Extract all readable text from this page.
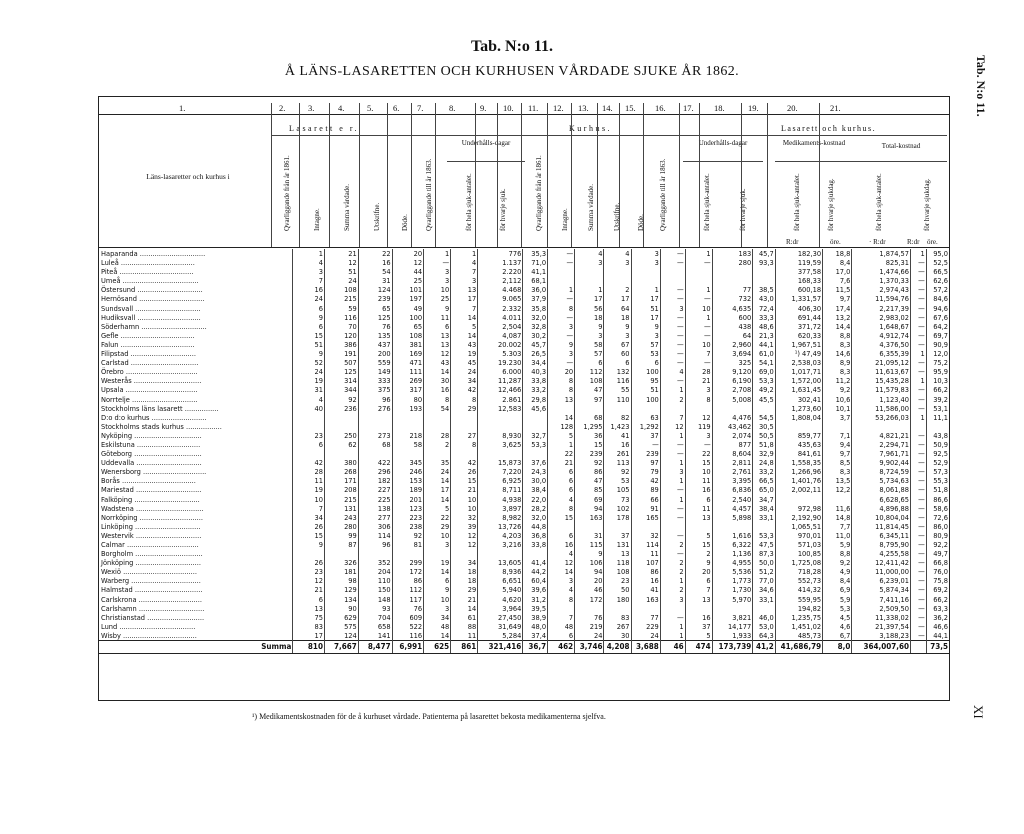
Tab. N:o 11.
Å LÄNS-LASARETTEN OCH KURHUSEN VÅRDADE SJUKE ÅR 1862.	Tab. N:o 11.
XI
1.	2.	3.	4.	5. 6. 7.	8.	9. 10. 11. 12. 13. 14. 15. 16. 17. 18.	19.	20.	21.
Lasarett e r.	Kurhus.	Lasarett och kurhus.
Läns-lasaretter och kurhus i	Qvarliggande från år 1861.	Intagne.	Summa vårdade.	Utskrifne.	Döde. Qvarliggande till år 1863.
Underhålls-dagar
för hela sjuk-antalet.	för hvarje sjuk.	Qvarliggande från år 1861.	Intagne.	Summa vårdade.	Utskrifne. Döde. Qvarliggande till år 1863.
Underhålls-dagar
för hela sjuk-antalet.	för hvarje sjuk.
Medikaments-kostnad
för hela sjuk-antalet.	för hvarje sjukdag.
Total-kostnad
för hela sjuk-antalet.	för hvarje sjukdag.
R:dr	öre.	· R:dr	R:dr öre.
Haparanda ...............................	1	21	22	20	1	1	776	35,3	—	4	4	3	—	1	183	45,7	182,30	18,8	1,874,57	1	95,0
Luleå ...................................	4	12	16	12	—	4	1.137	71,0	—	3	3	3	—	—	280	93,3	119,59	8,4	825,31	—	52,5
Piteå ...................................	3	51	54	44	3	7	2.220	41,1									377,58	17,0	1,474,66	—	66,5
Umeå ....................................	7	24	31	25	3	3	2,112	68,1									168,33	7,6	1,370,33	—	62,6
Östersund ...............................	16	108	124	101	10	13	4.468	36,0	1	1	2	1	—	1	77	38,5	600,18	11,5	2,974,43	—	57,2
Hernösand ...............................	24	215	239	197	25	17	9.065	37,9	—	17	17	17	—	—	732	43,0	1,331,57	9,7	11,594,76	—	84,6
Sundsvall ...............................	6	59	65	49	9	7	2.332	35,8	8	56	64	51	3	10	4,635	72,4	406,30	17,4	2,217,39	—	94,6
Hudiksvall ..............................	9	116	125	100	11	14	4.011	32,0	—	18	18	17	—	1	600	33,3	691,44	13,2	2,983,02	—	67,6
Söderhamn ...............................	6	70	76	65	6	5	2,504	32,8	3	9	9	9	—	—	438	48,6	371,72	14,4	1,648,67	—	64,2
Gefle ...................................	15	120	135	108	13	14	4,087	30,2	—	3	3	3	—	—	64	21,3	620,33	8,8	4,912,74	—	69,7
Falun ...................................	51	386	437	381	13	43	20.002	45,7	9	58	67	57	—	10	2,960	44,1	1,967,51	8,3	4,376,50	—	90,9
Filipstad ...............................	9	191	200	169	12	19	5.303	26,5	3	57	60	53	—	7	3,694	61,0	¹) 47,49	14,6	6,355,39	1	12,0
Carlstad ................................	52	507	559	471	43	45	19.230	34,4	—	6	6	6	—	—	325	54,1	2,538,03	8,9	21,095,12	—	75,2
Örebro ..................................	24	125	149	111	14	24	6.000	40,3	20	112	132	100	4	28	9,120	69,0	1,017,71	8,3	11,613,67	—	95,9
Westerås ................................	19	314	333	269	30	34	11,287	33,8	8	108	116	95	—	21	6,190	53,3	1,572,00	11,2	15,435,28	1	10,3
Upsala ..................................	31	344	375	317	16	42	12,466	33,2	8	47	55	51	1	3	2,708	49,2	1,631,45	9,2	11,579,83	—	66,2
Norrtelje ...............................	4	92	96	80	8	8	2.861	29,8	13	97	110	100	2	8	5,008	45,5	302,41	10,6	1,123,40	—	39,2
Stockholms läns lasarett ................	40	236	276	193	54	29	12,583	45,6									1,273,60	10,1	11,586,00	—	53,1
D:o d:o kurhus ..........................									14	68	82	63	7	12	4,476	54,5	1,808,04	3,7	53,266,03	1	11,1
Stockholms stads kurhus .................									128	1,295	1,423	1,292	12	119	43,462	30,5					
Nyköping ................................	23	250	273	218	28	27	8,930	32,7	5	36	41	37	1	3	2,074	50,5	859,77	7,1	4,821,21	—	43,8
Eskilstuna ..............................	6	62	68	58	2	8	3,625	53,3	1	15	16	—	—	—	877	51,8	435,63	9,4	2,294,71	—	50,9
Göteborg ................................									22	239	261	239	—	22	8,604	32,9	841,61	9,7	7,961,71	—	92,5
Uddevalla ...............................	42	380	422	345	35	42	15,873	37,6	21	92	113	97	1	15	2,811	24,8	1,558,35	8,5	9,902,44	—	52,9
Wenersborg ..............................	28	268	296	246	24	26	7,220	24,3	6	86	92	79	3	10	2,761	33,2	1,266,96	8,3	8,724,59	—	57,3
Borås ...................................	11	171	182	153	14	15	6,925	30,0	6	47	53	42	1	11	3,395	66,5	1,401,76	13,5	5,734,63	—	55,3
Mariestad ...............................	19	208	227	189	17	21	8,711	38,4	6	85	105	89	—	16	6,836	65,0	2,002,11	12,2	8,061,88	—	51,8
Falköping ...............................	10	215	225	201	14	10	4,938	22,0	4	69	73	66	1	6	2,540	34,7			6,628,65	—	86,6
Wadstena ................................	7	131	138	123	5	10	3,897	28,2	8	94	102	91	—	11	4,457	38,4	972,98	11,6	4,896,88	—	58,6
Norrköping ..............................	34	243	277	223	22	32	8,982	32,0	15	163	178	165	—	13	5,898	33,1	2,192,90	14,8	10,804,04	—	72,6
Linköping ...............................	26	280	306	238	29	39	13,726	44,8									1,065,51	7,7	11,814,45	—	86,0
Westervik ...............................	15	99	114	92	10	12	4,203	36,8	6	31	37	32	—	5	1,616	53,3	970,01	11,0	6,345,11	—	80,9
Calmar ..................................	9	87	96	81	3	12	3,216	33,8	16	115	131	114	2	15	6,322	47,5	571,03	5,9	8,795,90	—	92,2
Borgholm ................................									4	9	13	11	—	2	1,136	87,3	100,85	8,8	4,255,58	—	49,7
Jönköping ...............................	26	326	352	299	19	34	13,605	41,4	12	106	118	107	2	9	4,955	50,0	1,725,08	9,2	12,411,42	—	66,8
Wexiö ...................................	23	181	204	172	14	18	8,936	44,2	14	94	108	86	2	20	5,536	51,2	718,28	4,9	11,000,00	—	76,0
Warberg .................................	12	98	110	86	6	18	6,651	60,4	3	20	23	16	1	6	1,773	77,0	552,73	8,4	6,239,01	—	75,8
Halmstad ................................	21	129	150	112	9	29	5,940	39,6	4	46	50	41	2	7	1,730	34,6	414,32	6,9	5,874,34	—	69,2
Carlskrona ..............................	6	134	148	117	10	21	4,620	31,2	8	172	180	163	3	13	5,970	33,1	559,95	5,9	7,411,16	—	66,2
Carlshamn ...............................	13	90	93	76	3	14	3,964	39,5									194,82	5,3	2,509,50	—	63,3
Christianstad ...........................	75	629	704	609	34	61	27,450	38,9	7	76	83	77	—	16	3,821	46,0	1,235,75	4,5	11,338,02	—	36,2
Lund ....................................	83	575	658	522	48	88	31,649	48,0	48	219	267	229	1	37	14,177	53,0	1,451,02	4,6	21,397,54	—	46,6
Wisby ...................................	17	124	141	116	14	11	5,284	37,4	6	24	30	24	1	5	1,933	64,3	485,73	6,7	3,188,23	—	44,1
Summa	810	7,667	8,477	6,991	625	861	321,416	36,7	462	3,746	4,208	3,688	46	474	173,739	41,2	41,686,79	8,0	364,007,60		73,5
¹) Medikamentskostnaden för de å kurhuset vårdade. Patienterna på lasarettet bekosta medikamenterna sjelfva.
